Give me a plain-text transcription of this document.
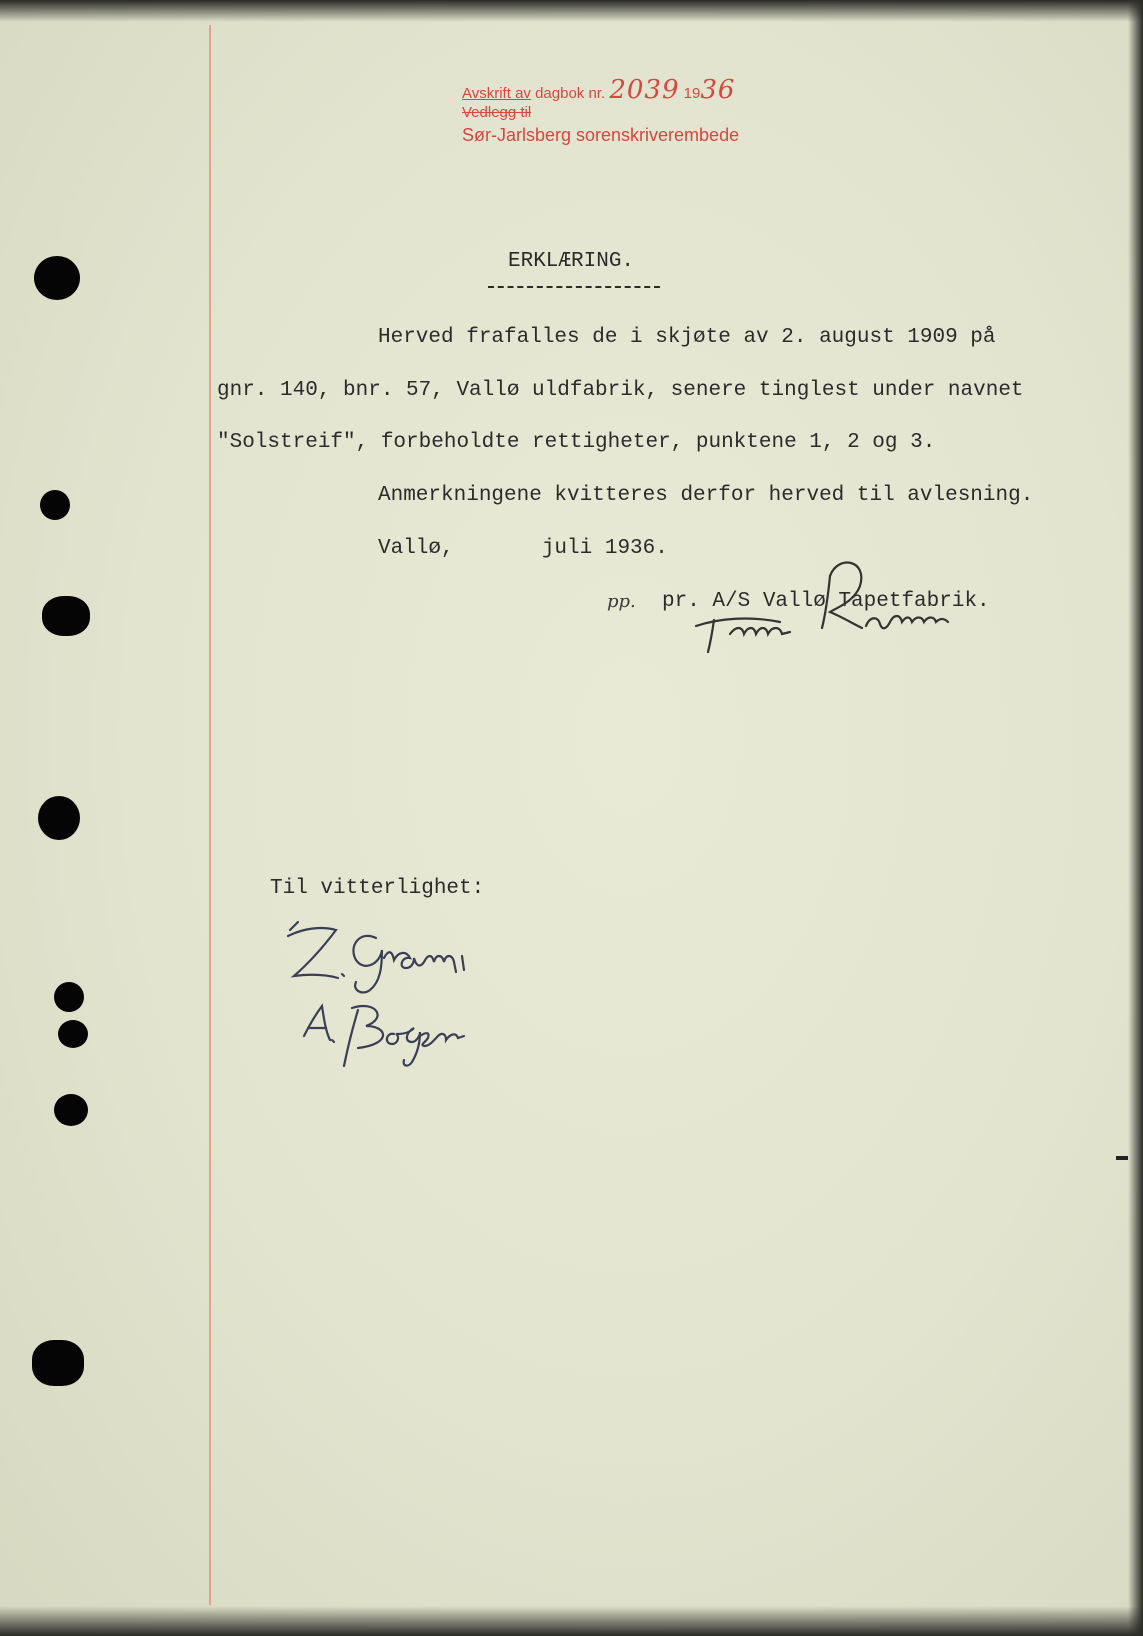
Avskrift av dagbok nr. 2039 1936
Vedlegg til
Sør-Jarlsberg sorenskriverembede
ERKLÆRING.
Herved frafalles de i skjøte av 2. august 1909 på
gnr. 140, bnr. 57, Vallø uldfabrik, senere tinglest under navnet
"Solstreif", forbeholdte rettigheter, punktene 1, 2 og 3.
Anmerkningene kvitteres derfor herved til avlesning.
Vallø,       juli 1936.
pp. pr. A/S Vallø Tapetfabrik.
Til vitterlighet:
